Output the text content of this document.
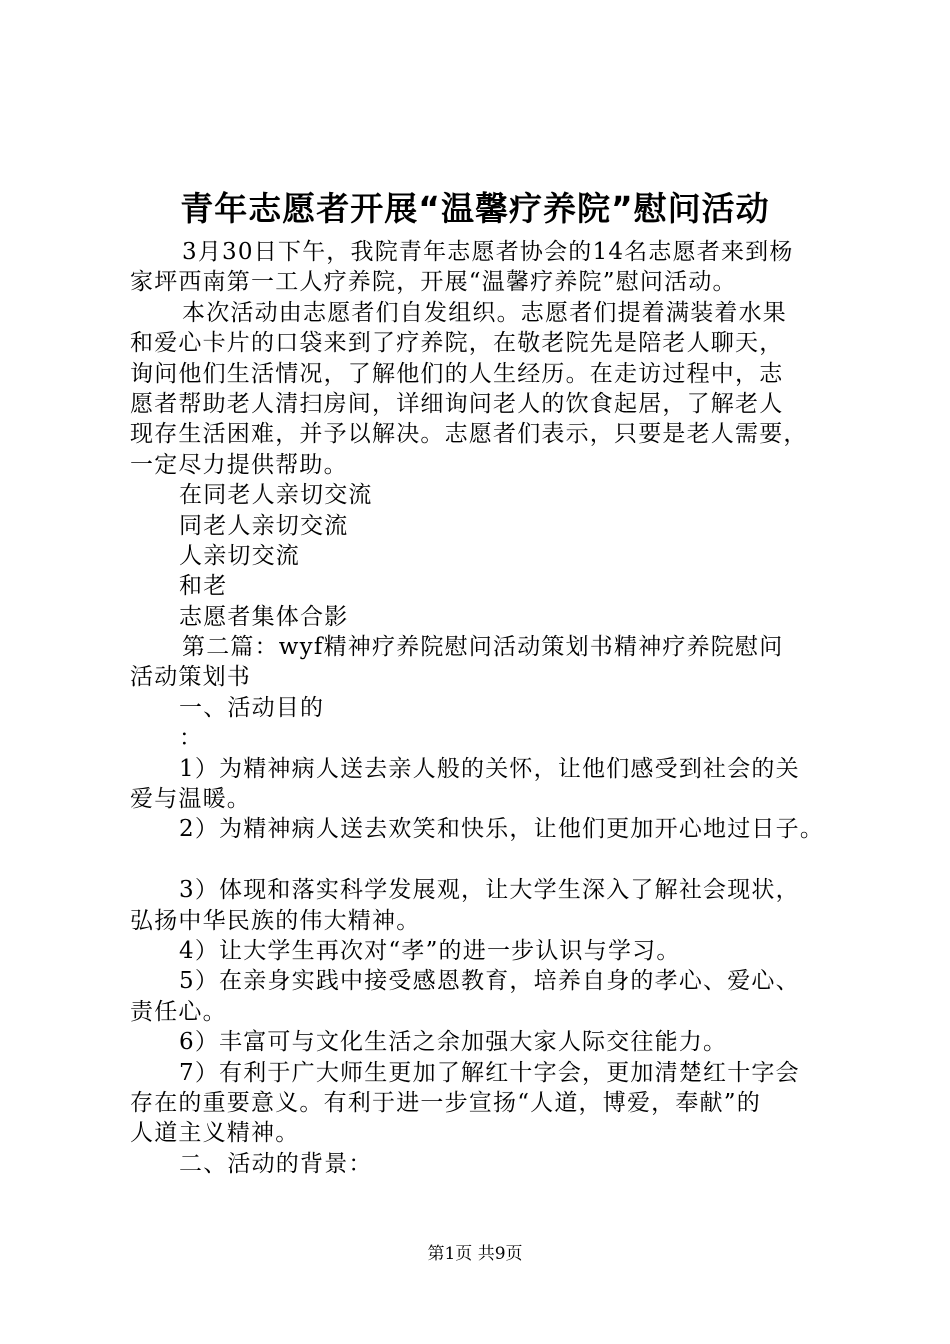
青年志愿者开展“温馨疗养院”慰问活动
3月30日下午，我院青年志愿者协会的14名志愿者来到杨
家坪西南第一工人疗养院，开展“温馨疗养院”慰问活动。
本次活动由志愿者们自发组织。志愿者们提着满装着水果
和爱心卡片的口袋来到了疗养院，在敬老院先是陪老人聊天，
询问他们生活情况，了解他们的人生经历。在走访过程中，志
愿者帮助老人清扫房间，详细询问老人的饮食起居，了解老人
现存生活困难，并予以解决。志愿者们表示，只要是老人需要，
一定尽力提供帮助。
在同老人亲切交流
同老人亲切交流
人亲切交流
和老
志愿者集体合影
第二篇：wyf精神疗养院慰问活动策划书精神疗养院慰问
活动策划书
一、活动目的
：
1）为精神病人送去亲人般的关怀，让他们感受到社会的关
爱与温暖。
2）为精神病人送去欢笑和快乐，让他们更加开心地过日子。
3）体现和落实科学发展观，让大学生深入了解社会现状，
弘扬中华民族的伟大精神。
4）让大学生再次对“孝”的进一步认识与学习。
5）在亲身实践中接受感恩教育，培养自身的孝心、爱心、
责任心。
6）丰富可与文化生活之余加强大家人际交往能力。
7）有利于广大师生更加了解红十字会，更加清楚红十字会
存在的重要意义。有利于进一步宣扬“人道，博爱，奉献”的
人道主义精神。
二、活动的背景：
第1页 共9页
